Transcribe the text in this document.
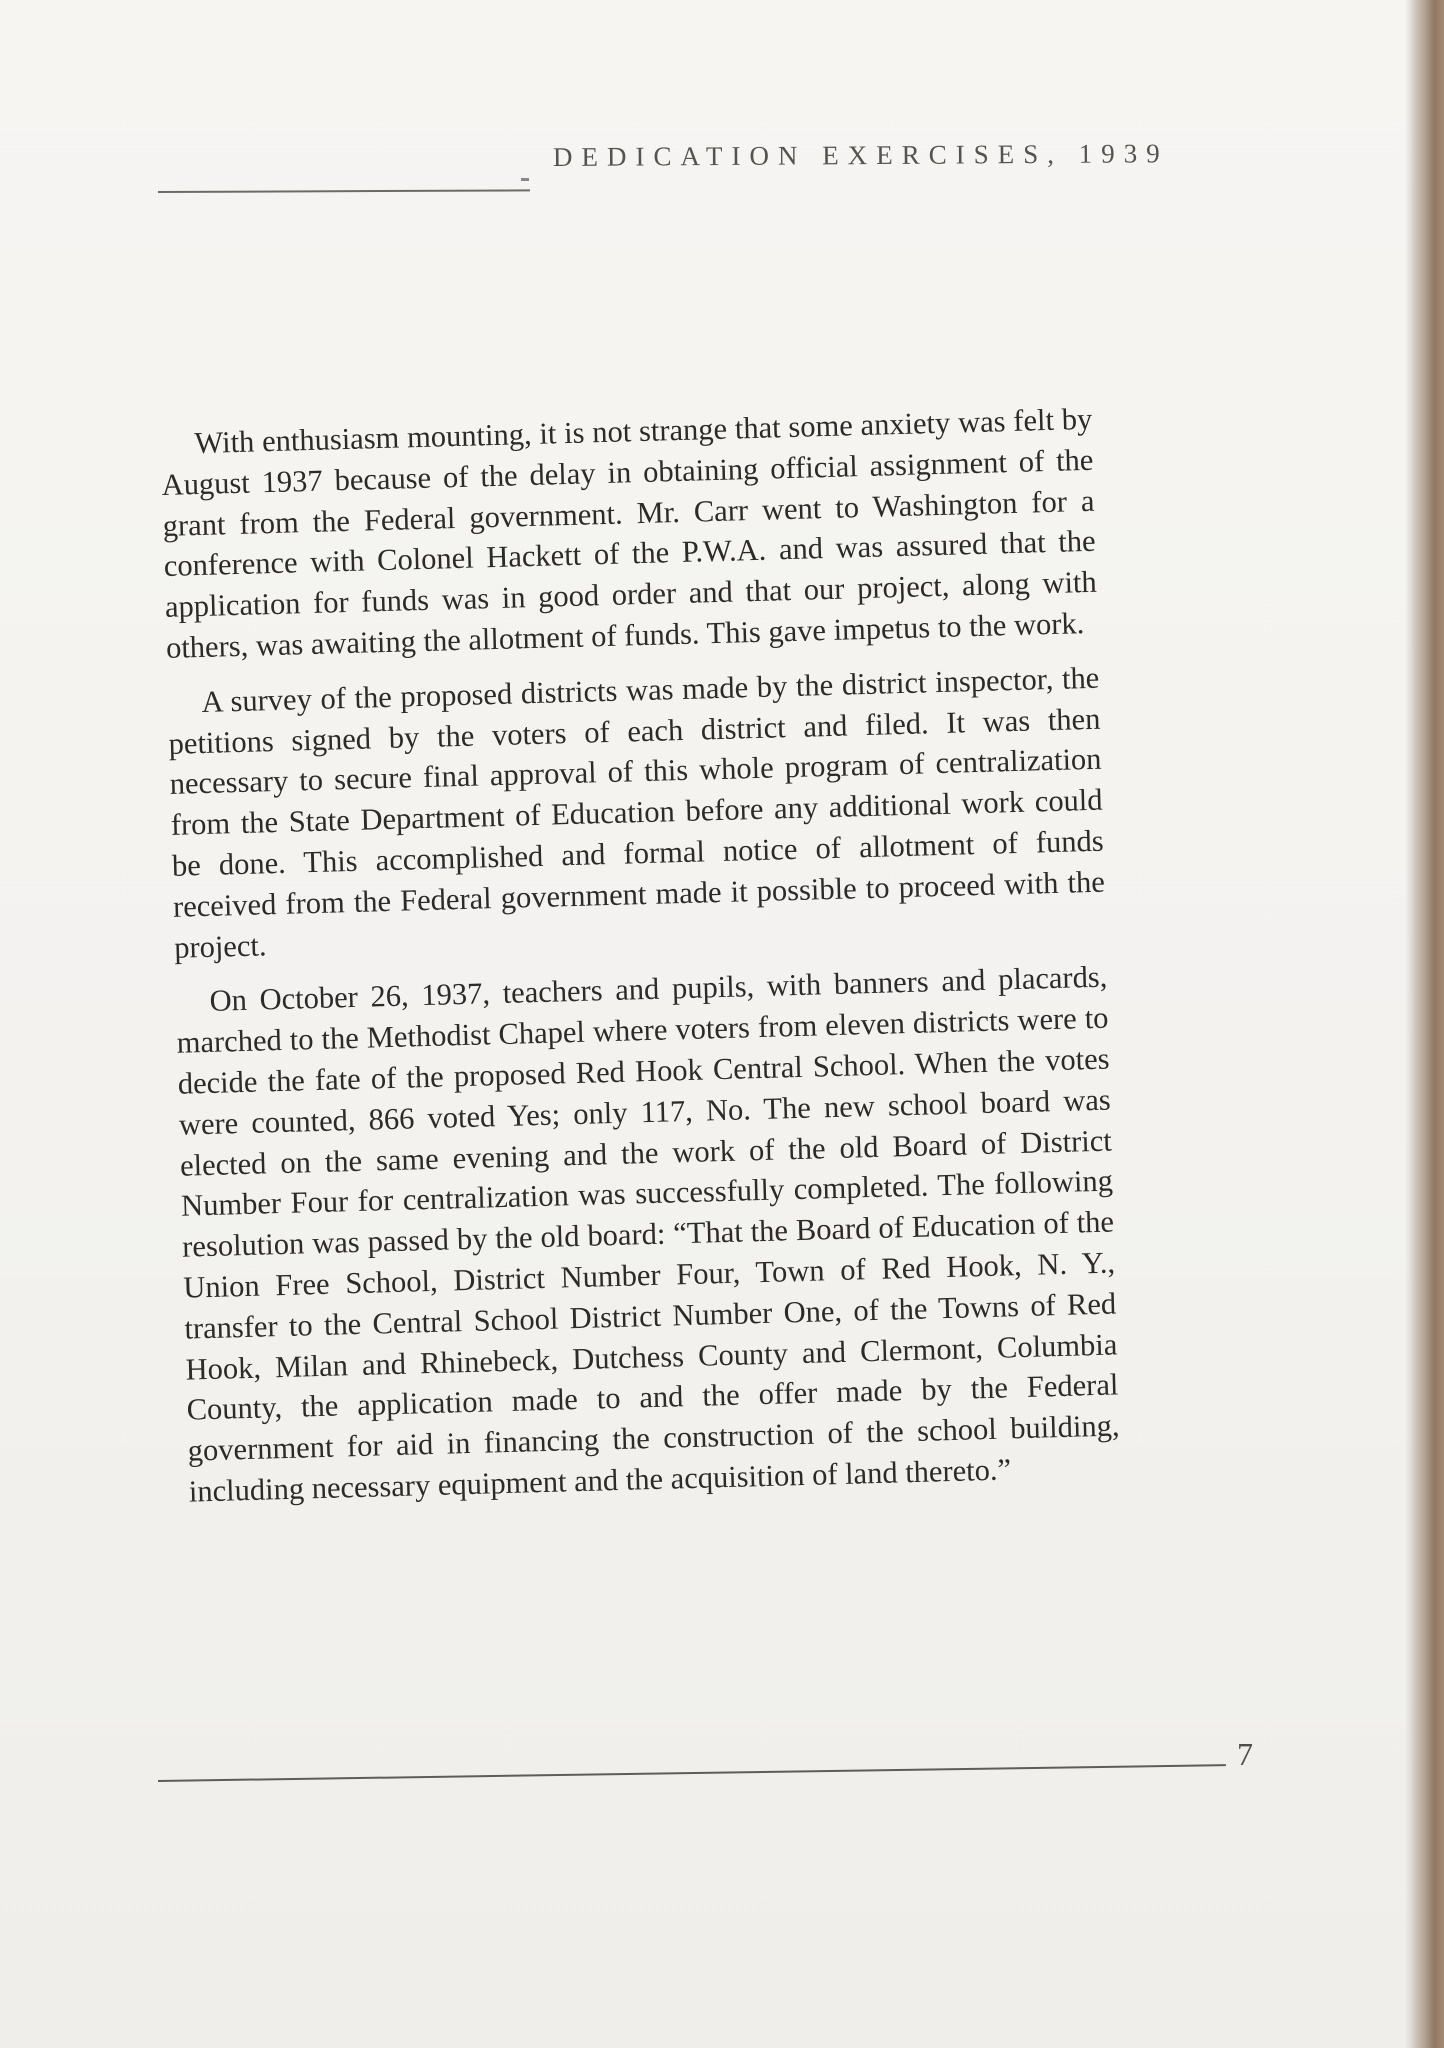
DEDICATION EXERCISES, 1939

With enthusiasm mounting, it is not strange that some anxiety was felt by August 1937 because of the delay in obtaining official assignment of the grant from the Federal government. Mr. Carr went to Washington for a conference with Colonel Hackett of the P.W.A. and was assured that the application for funds was in good order and that our project, along with others, was awaiting the allotment of funds. This gave impetus to the work.

A survey of the proposed districts was made by the district inspector, the petitions signed by the voters of each district and filed. It was then necessary to secure final approval of this whole program of centralization from the State Department of Education before any additional work could be done. This accomplished and formal notice of allotment of funds received from the Federal government made it possible to proceed with the project.

On October 26, 1937, teachers and pupils, with banners and placards, marched to the Methodist Chapel where voters from eleven districts were to decide the fate of the proposed Red Hook Central School. When the votes were counted, 866 voted Yes; only 117, No. The new school board was elected on the same evening and the work of the old Board of District Number Four for centralization was successfully completed. The following resolution was passed by the old board: “That the Board of Education of the Union Free School, District Number Four, Town of Red Hook, N. Y., transfer to the Central School District Number One, of the Towns of Red Hook, Milan and Rhinebeck, Dutchess County and Clermont, Columbia County, the application made to and the offer made by the Federal government for aid in financing the construction of the school building, including necessary equipment and the acquisition of land thereto.”

7
